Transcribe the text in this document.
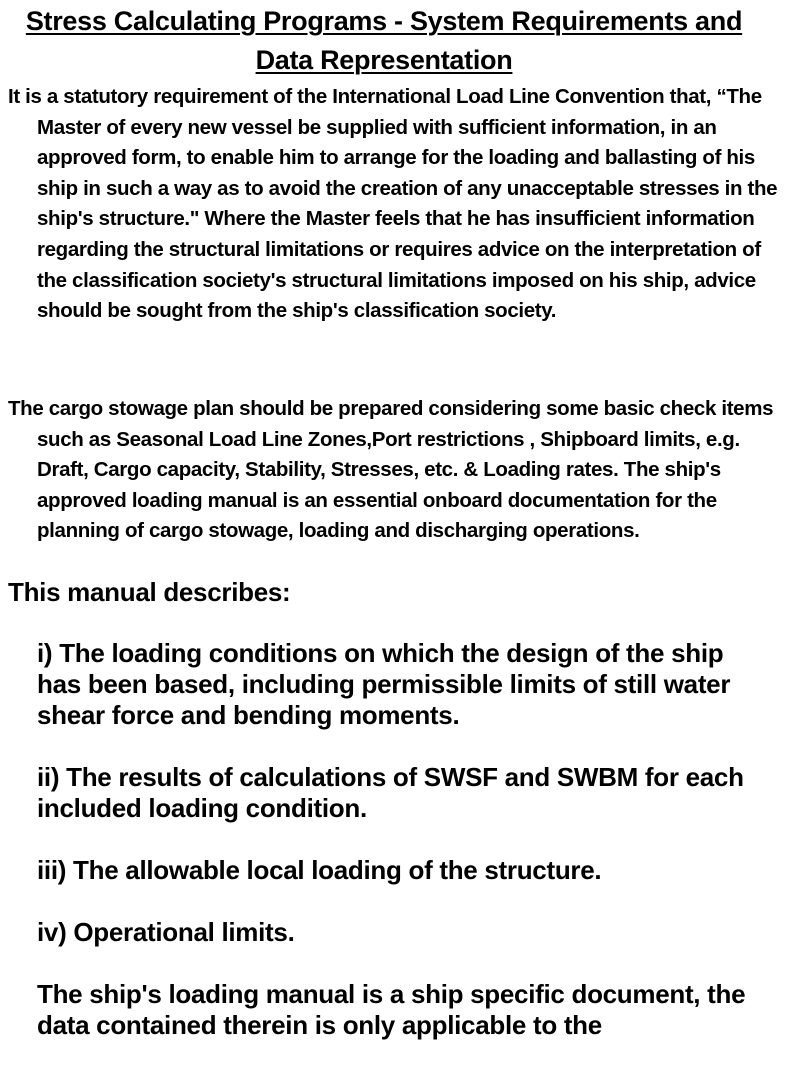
Stress Calculating Programs - System Requirements and Data Representation

It is a statutory requirement of the International Load Line Convention that, “The Master of every new vessel be supplied with sufficient information, in an approved form, to enable him to arrange for the loading and ballasting of his ship in such a way as to avoid the creation of any unacceptable stresses in the ship's structure." Where the Master feels that he has insufficient information regarding the structural limitations or requires advice on the interpretation of the classification society's structural limitations imposed on his ship, advice should be sought from the ship's classification society.

The cargo stowage plan should be prepared considering some basic check items such as Seasonal Load Line Zones,Port restrictions , Shipboard limits, e.g. Draft, Cargo capacity, Stability, Stresses, etc. & Loading rates. The ship's approved loading manual is an essential onboard documentation for the planning of cargo stowage, loading and discharging operations.

This manual describes:
i) The loading conditions on which the design of the ship has been based, including permissible limits of still water shear force and bending moments.
ii) The results of calculations of SWSF and SWBM for each included loading condition.
iii) The allowable local loading of the structure.
iv) Operational limits.
The ship's loading manual is a ship specific document, the data contained therein is only applicable to the
